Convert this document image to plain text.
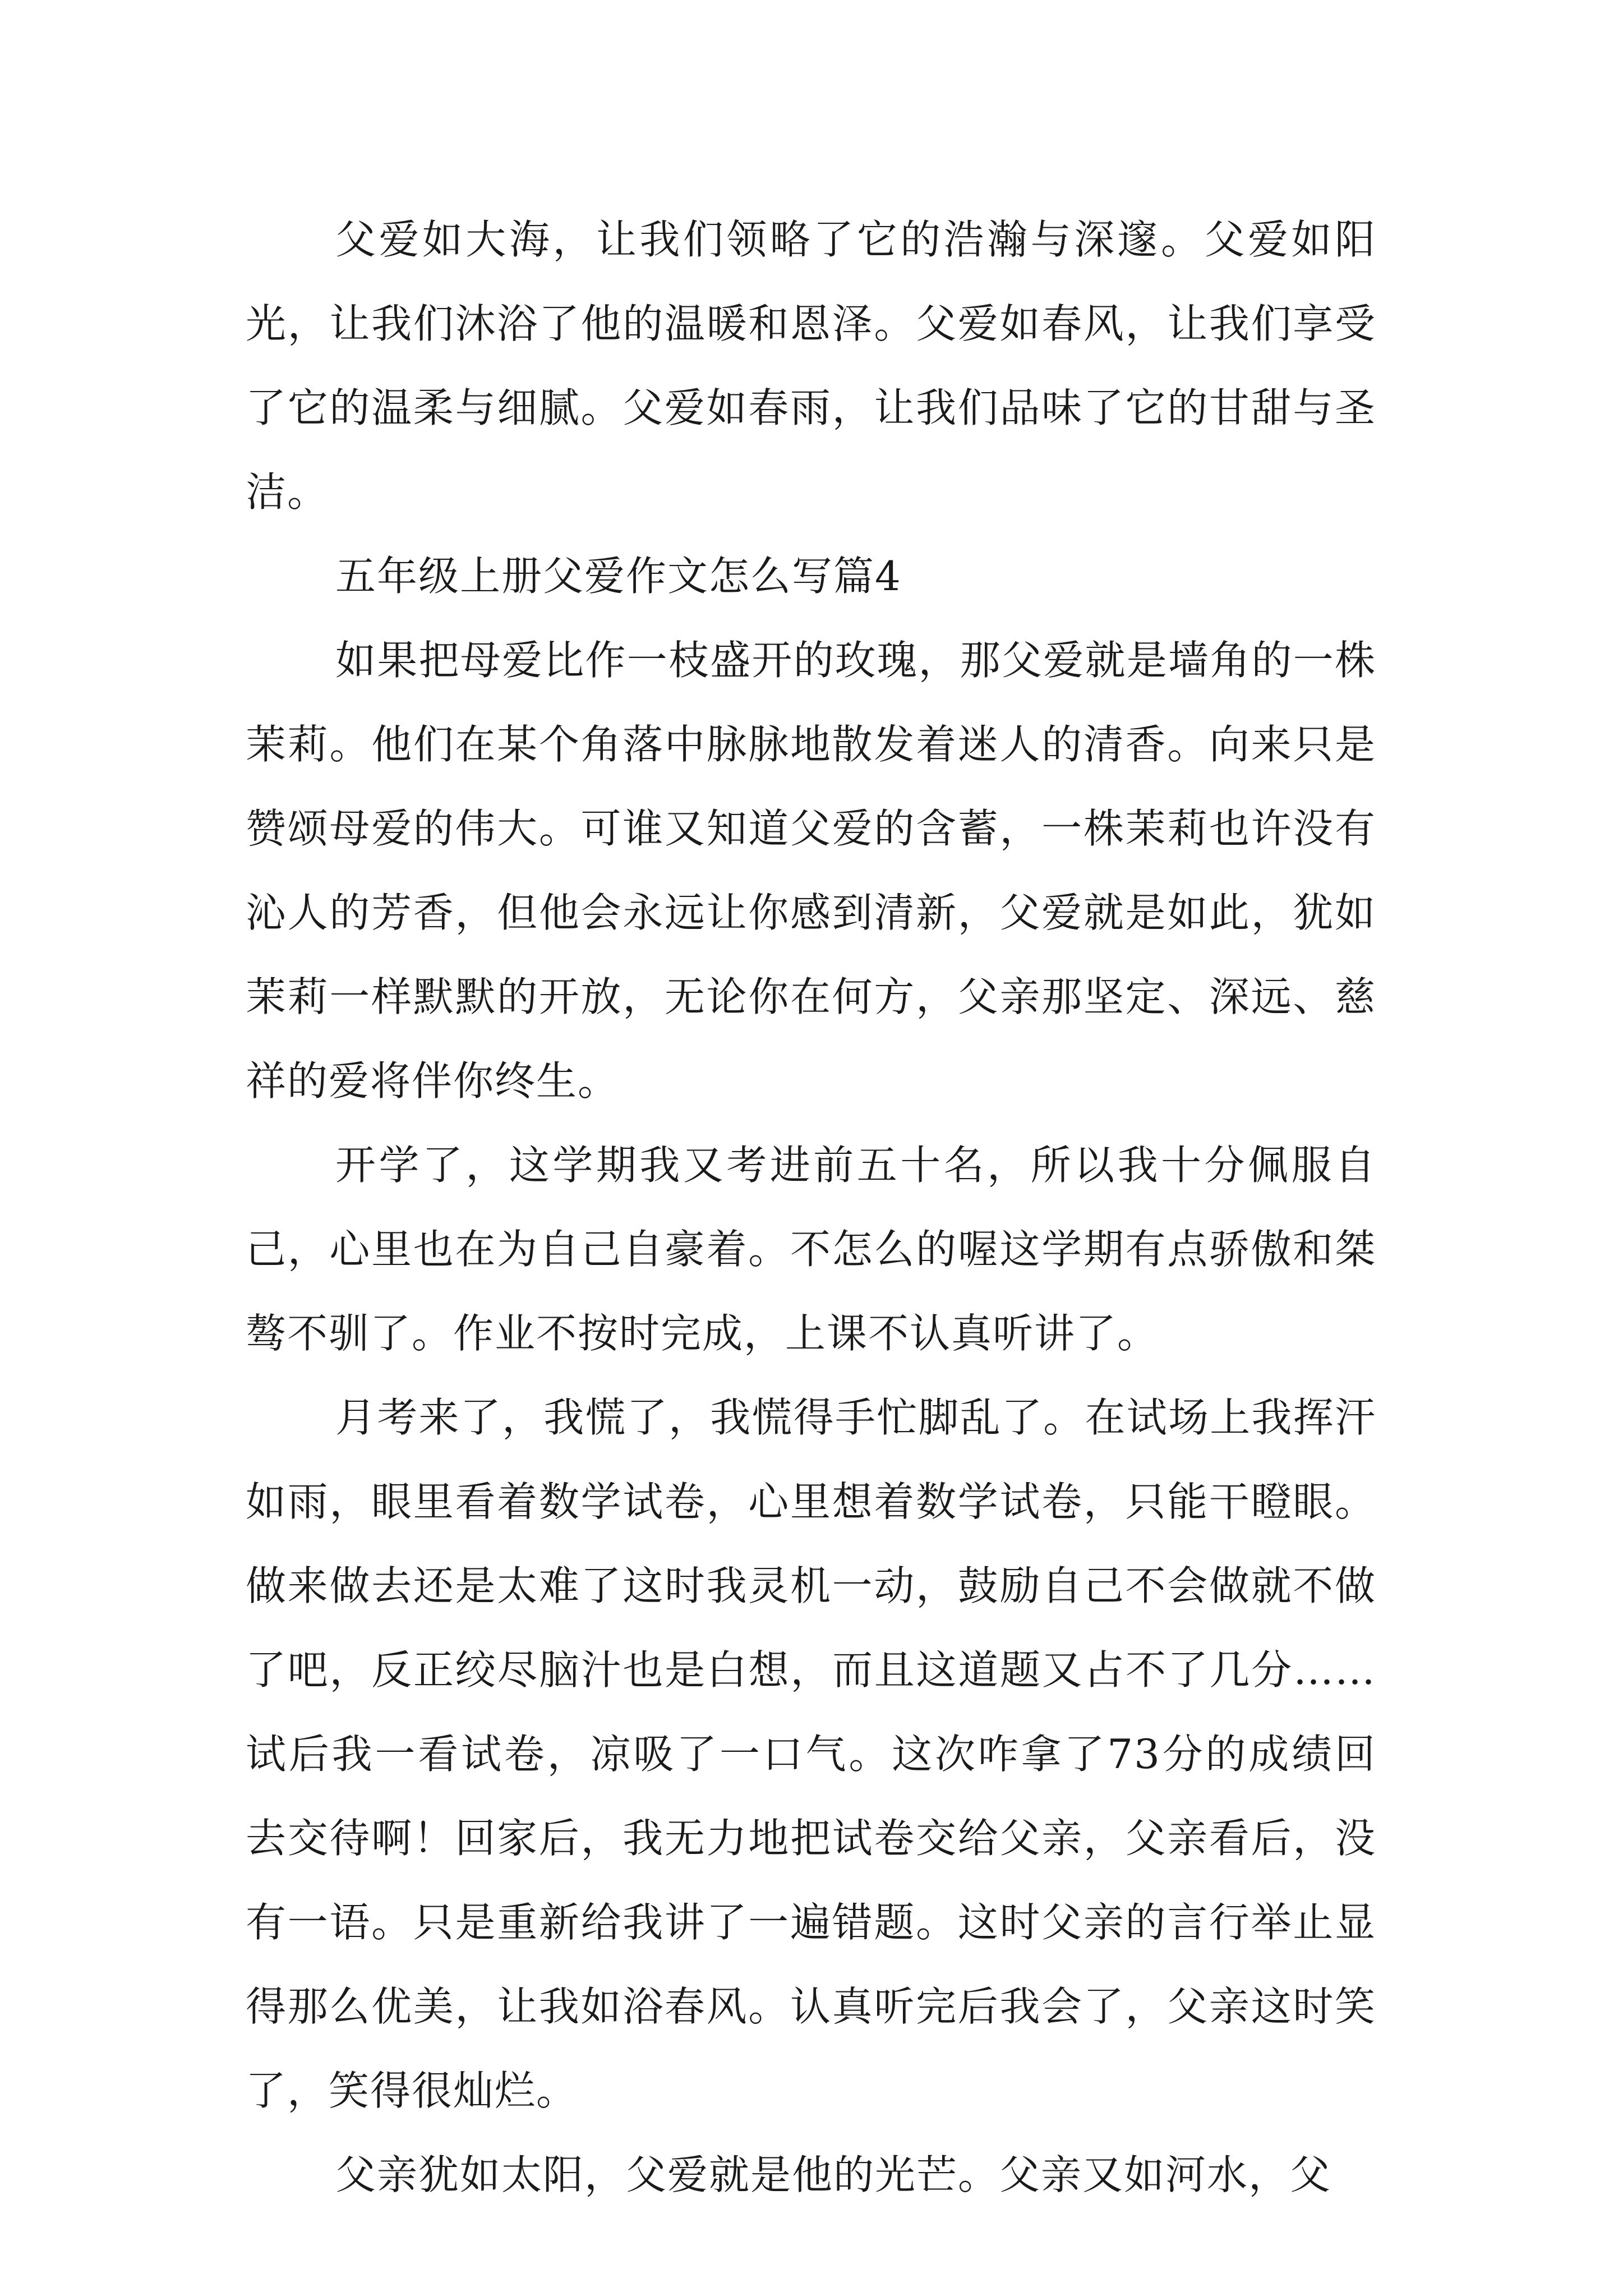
父爱如大海，让我们领略了它的浩瀚与深邃。父爱如阳光，让我们沐浴了他的温暖和恩泽。父爱如春风，让我们享受了它的温柔与细腻。父爱如春雨，让我们品味了它的甘甜与圣洁。

五年级上册父爱作文怎么写篇4

如果把母爱比作一枝盛开的玫瑰，那父爱就是墙角的一株茉莉。他们在某个角落中脉脉地散发着迷人的清香。向来只是赞颂母爱的伟大。可谁又知道父爱的含蓄，一株茉莉也许没有沁人的芳香，但他会永远让你感到清新，父爱就是如此，犹如茉莉一样默默的开放，无论你在何方，父亲那坚定、深远、慈祥的爱将伴你终生。

开学了，这学期我又考进前五十名，所以我十分佩服自己，心里也在为自己自豪着。不怎么的喔这学期有点骄傲和桀骜不驯了。作业不按时完成，上课不认真听讲了。

月考来了，我慌了，我慌得手忙脚乱了。在试场上我挥汗如雨，眼里看着数学试卷，心里想着数学试卷，只能干瞪眼。做来做去还是太难了这时我灵机一动，鼓励自己不会做就不做了吧，反正绞尽脑汁也是白想，而且这道题又占不了几分……试后我一看试卷，凉吸了一口气。这次咋拿了73分的成绩回去交待啊！回家后，我无力地把试卷交给父亲，父亲看后，没有一语。只是重新给我讲了一遍错题。这时父亲的言行举止显得那么优美，让我如浴春风。认真听完后我会了，父亲这时笑了，笑得很灿烂。

父亲犹如太阳，父爱就是他的光芒。父亲又如河水，父
